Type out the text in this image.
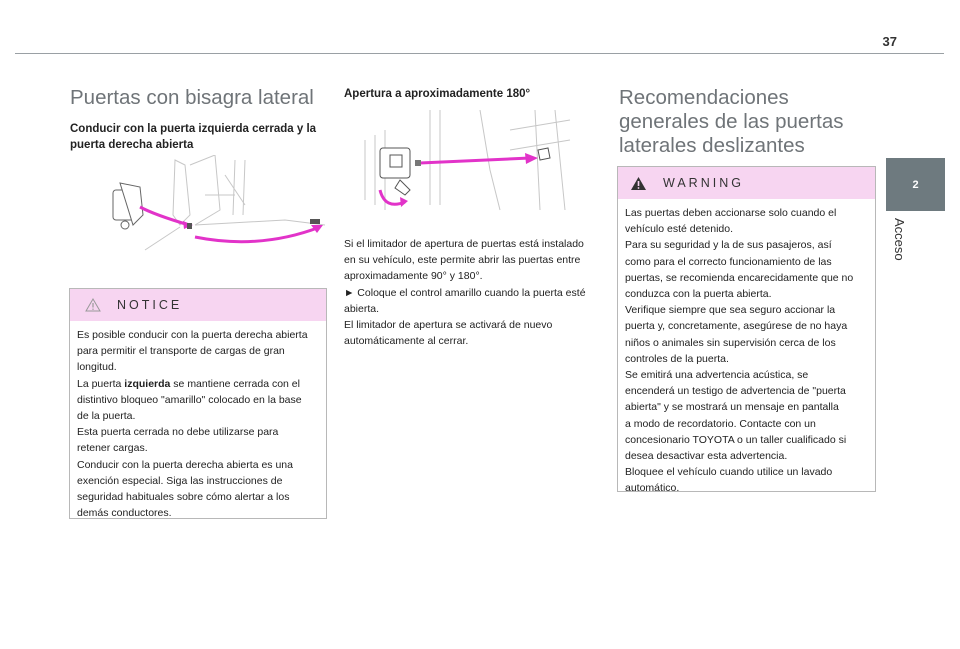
37
2
Acceso
Puertas con bisagra lateral
Conducir con la puerta izquierda cerrada y la puerta derecha abierta
NOTICE
Es posible conducir con la puerta derecha abierta
para permitir el transporte de cargas de gran
longitud.
La puerta izquierda se mantiene cerrada con el
distintivo bloqueo "amarillo" colocado en la base
de la puerta.
Esta puerta cerrada no debe utilizarse para
retener cargas.
Conducir con la puerta derecha abierta es una
exención especial. Siga las instrucciones de
seguridad habituales sobre cómo alertar a los
demás conductores.
Apertura a aproximadamente 180°
Si el limitador de apertura de puertas está instalado
en su vehículo, este permite abrir las puertas entre
aproximadamente 90° y 180°.
► Coloque el control amarillo cuando la puerta esté
abierta.
El limitador de apertura se activará de nuevo
automáticamente al cerrar.
Recomendaciones
generales de las puertas
laterales deslizantes
WARNING
Las puertas deben accionarse solo cuando el
vehículo esté detenido.
Para su seguridad y la de sus pasajeros, así
como para el correcto funcionamiento de las
puertas, se recomienda encarecidamente que no
conduzca con la puerta abierta.
Verifique siempre que sea seguro accionar la
puerta y, concretamente, asegúrese de no haya
niños o animales sin supervisión cerca de los
controles de la puerta.
Se emitirá una advertencia acústica, se
encenderá un testigo de advertencia de "puerta
abierta" y se mostrará un mensaje en pantalla
a modo de recordatorio. Contacte con un
concesionario TOYOTA o un taller cualificado si
desea desactivar esta advertencia.
Bloquee el vehículo cuando utilice un lavado
automático.
